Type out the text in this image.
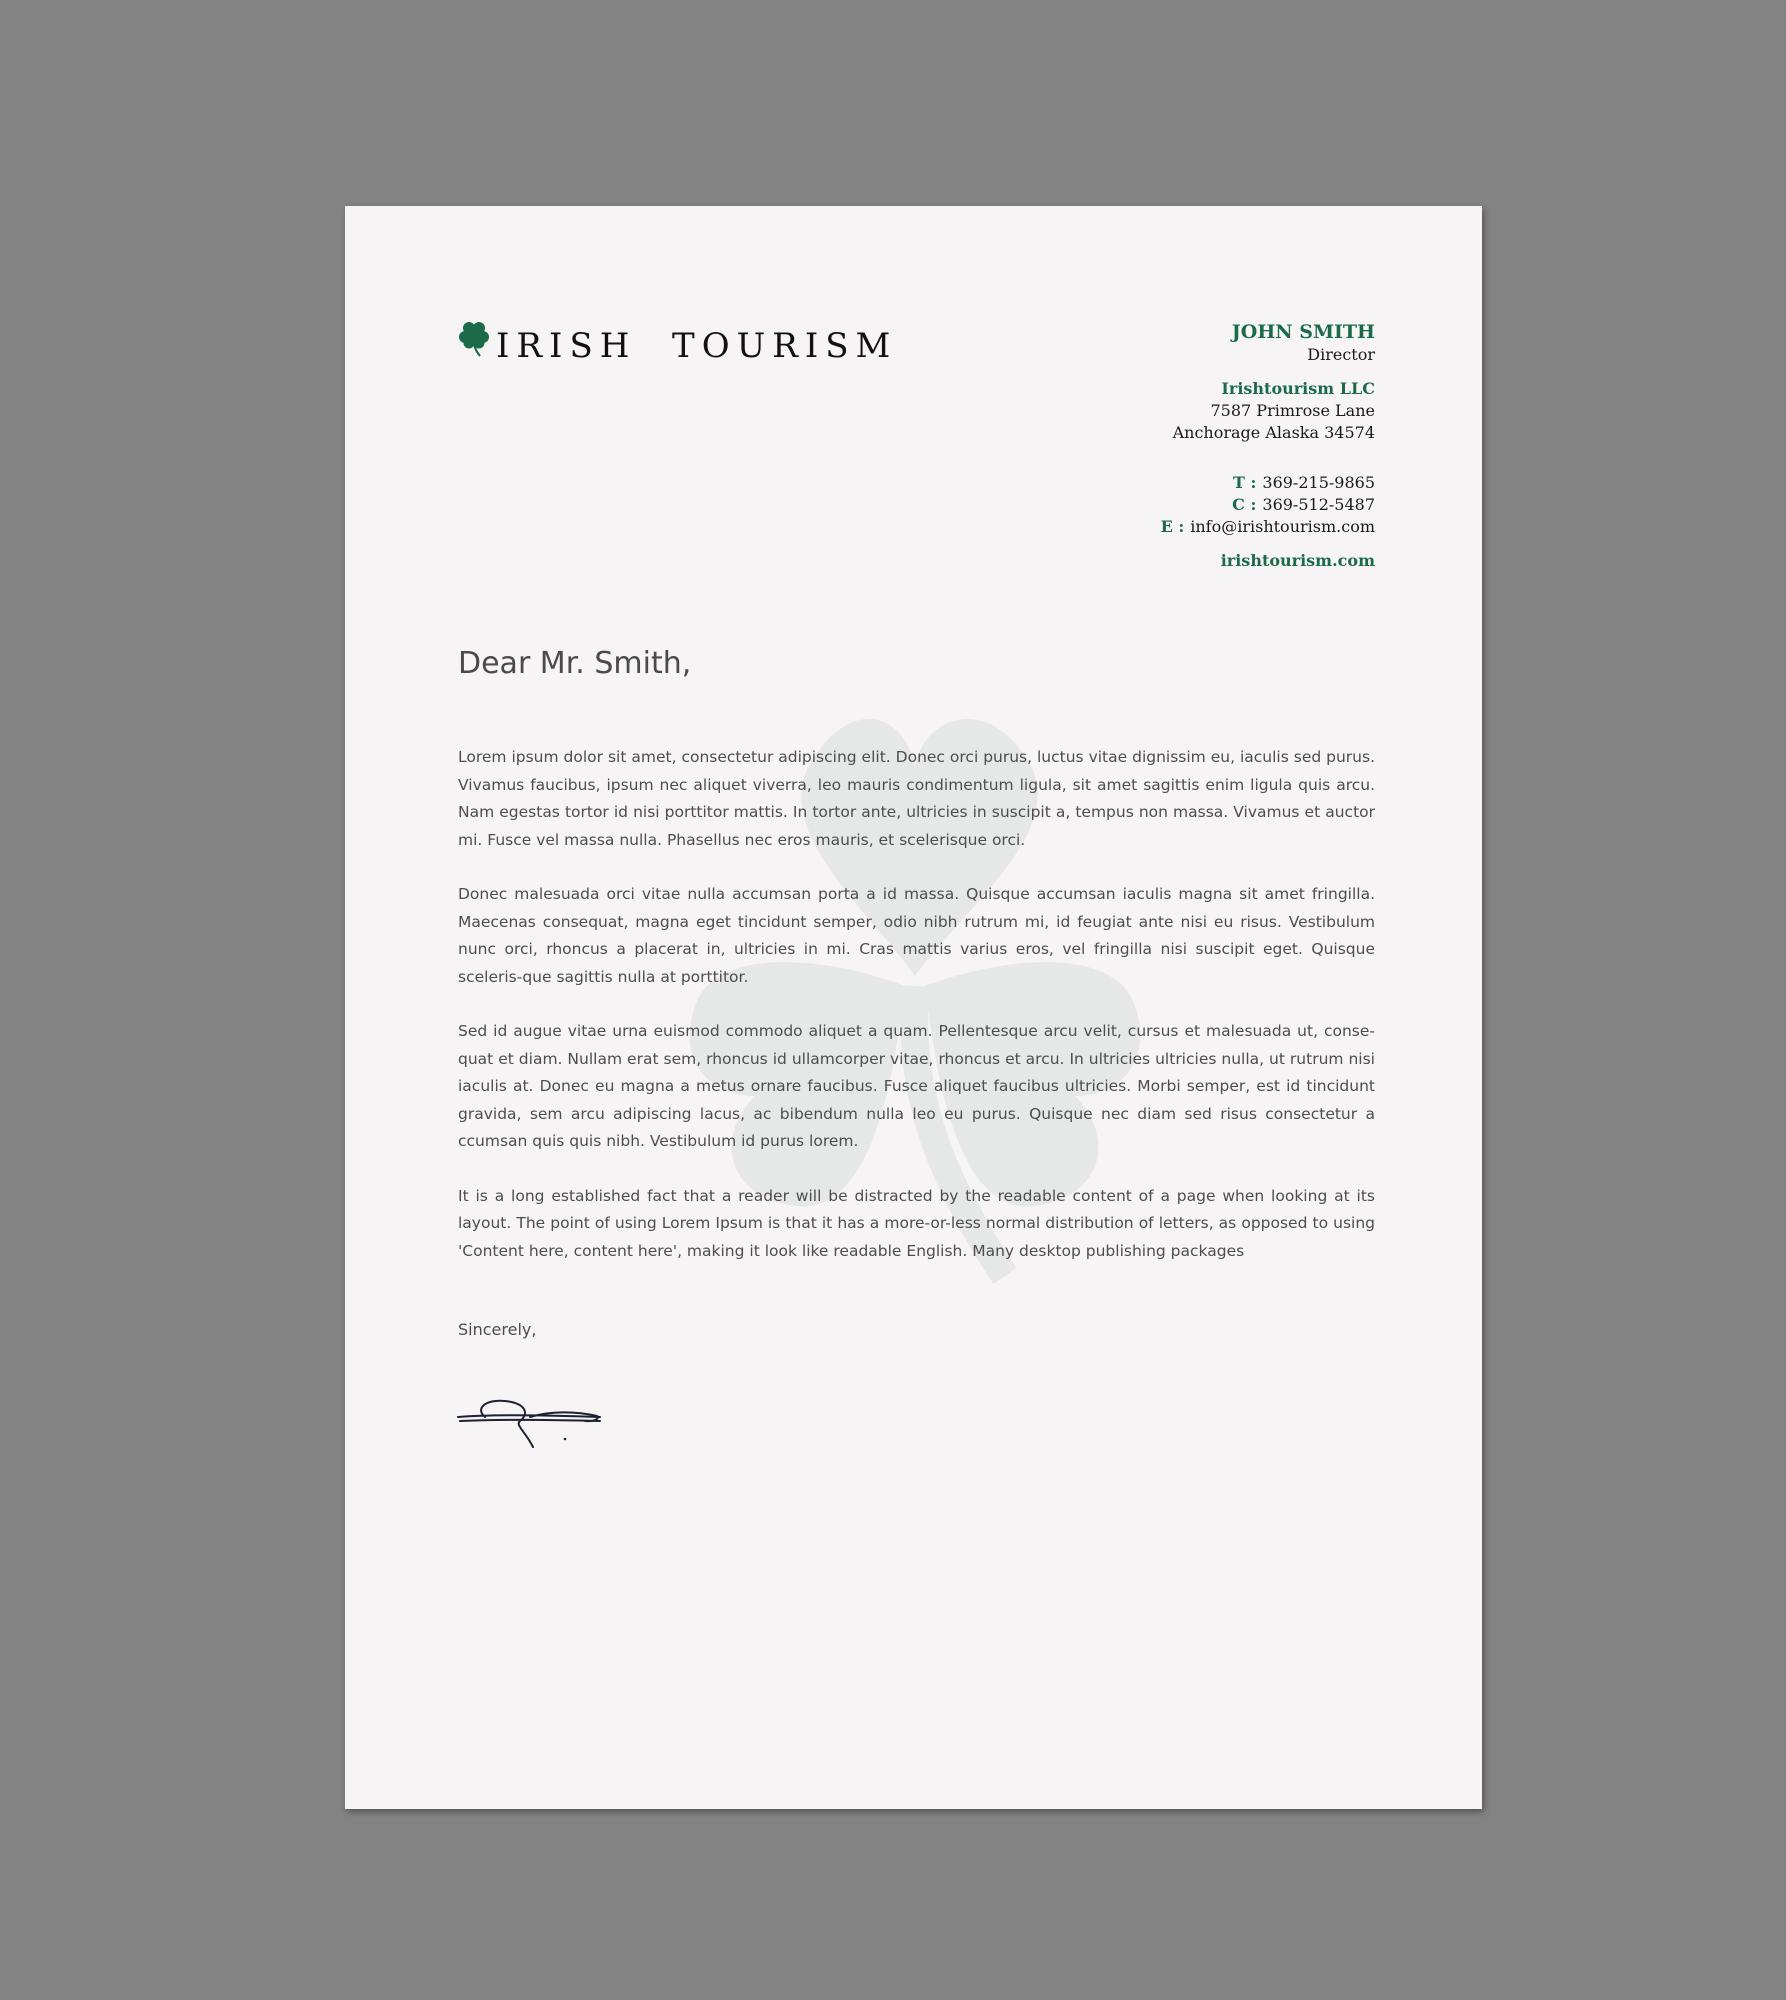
IRISH  TOURISM	JOHN SMITH
Director
Irishtourism LLC
7587 Primrose Lane
Anchorage Alaska 34574
T : 369-215-9865
C : 369-512-5487
E : info@irishtourism.com
irishtourism.com
Dear Mr. Smith,

Lorem ipsum dolor sit amet, consectetur adipiscing elit. Donec orci purus, luctus vitae dignissim eu, iaculis sed purus. Vivamus faucibus, ipsum nec aliquet viverra, leo mauris condimentum ligula, sit amet sagittis enim ligula quis arcu. Nam egestas tortor id nisi porttitor mattis. In tortor ante, ultricies in suscipit a, tempus non massa. Vivamus et auctor mi. Fusce vel massa nulla. Phasellus nec eros mauris, et scelerisque orci.

Donec malesuada orci vitae nulla accumsan porta a id massa. Quisque accumsan iaculis magna sit amet fringilla. Maecenas consequat, magna eget tincidunt semper, odio nibh rutrum mi, id feugiat ante nisi eu risus. Vestibulum nunc orci, rhoncus a placerat in, ultricies in mi. Cras mattis varius eros, vel fringilla nisi suscipit eget. Quisque sceleris-que sagittis nulla at porttitor.

Sed id augue vitae urna euismod commodo aliquet a quam. Pellentesque arcu velit, cursus et malesuada ut, conse-quat et diam. Nullam erat sem, rhoncus id ullamcorper vitae, rhoncus et arcu. In ultricies ultricies nulla, ut rutrum nisi iaculis at. Donec eu magna a metus ornare faucibus. Fusce aliquet faucibus ultricies. Morbi semper, est id tincidunt gravida, sem arcu adipiscing lacus, ac bibendum nulla leo eu purus. Quisque nec diam sed risus consectetur a ccumsan quis quis nibh. Vestibulum id purus lorem.

It is a long established fact that a reader will be distracted by the readable content of a page when looking at its layout. The point of using Lorem Ipsum is that it has a more-or-less normal distribution of letters, as opposed to using 'Content here, content here', making it look like readable English. Many desktop publishing packages

Sincerely,
